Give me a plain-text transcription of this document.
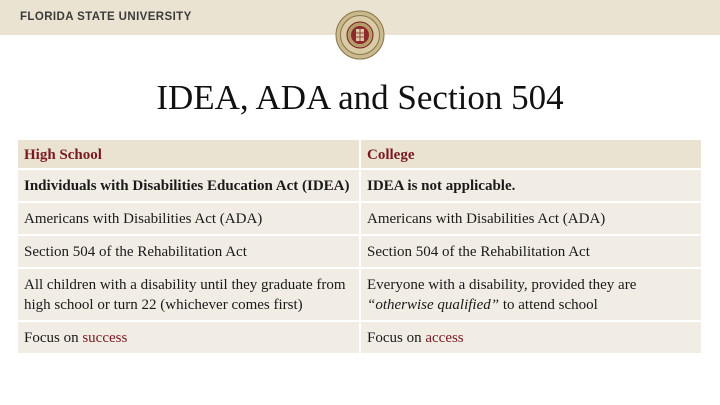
FLORIDA STATE UNIVERSITY
IDEA, ADA and Section 504
High School	College
Individuals with Disabilities Education Act (IDEA)	IDEA is not applicable.
Americans with Disabilities Act (ADA)	Americans with Disabilities Act (ADA)
Section 504 of the Rehabilitation Act	Section 504 of the Rehabilitation Act
All children with a disability until they graduate from high school or turn 22 (whichever comes first)	Everyone with a disability, provided they are “otherwise qualified” to attend school
Focus on success	Focus on access
